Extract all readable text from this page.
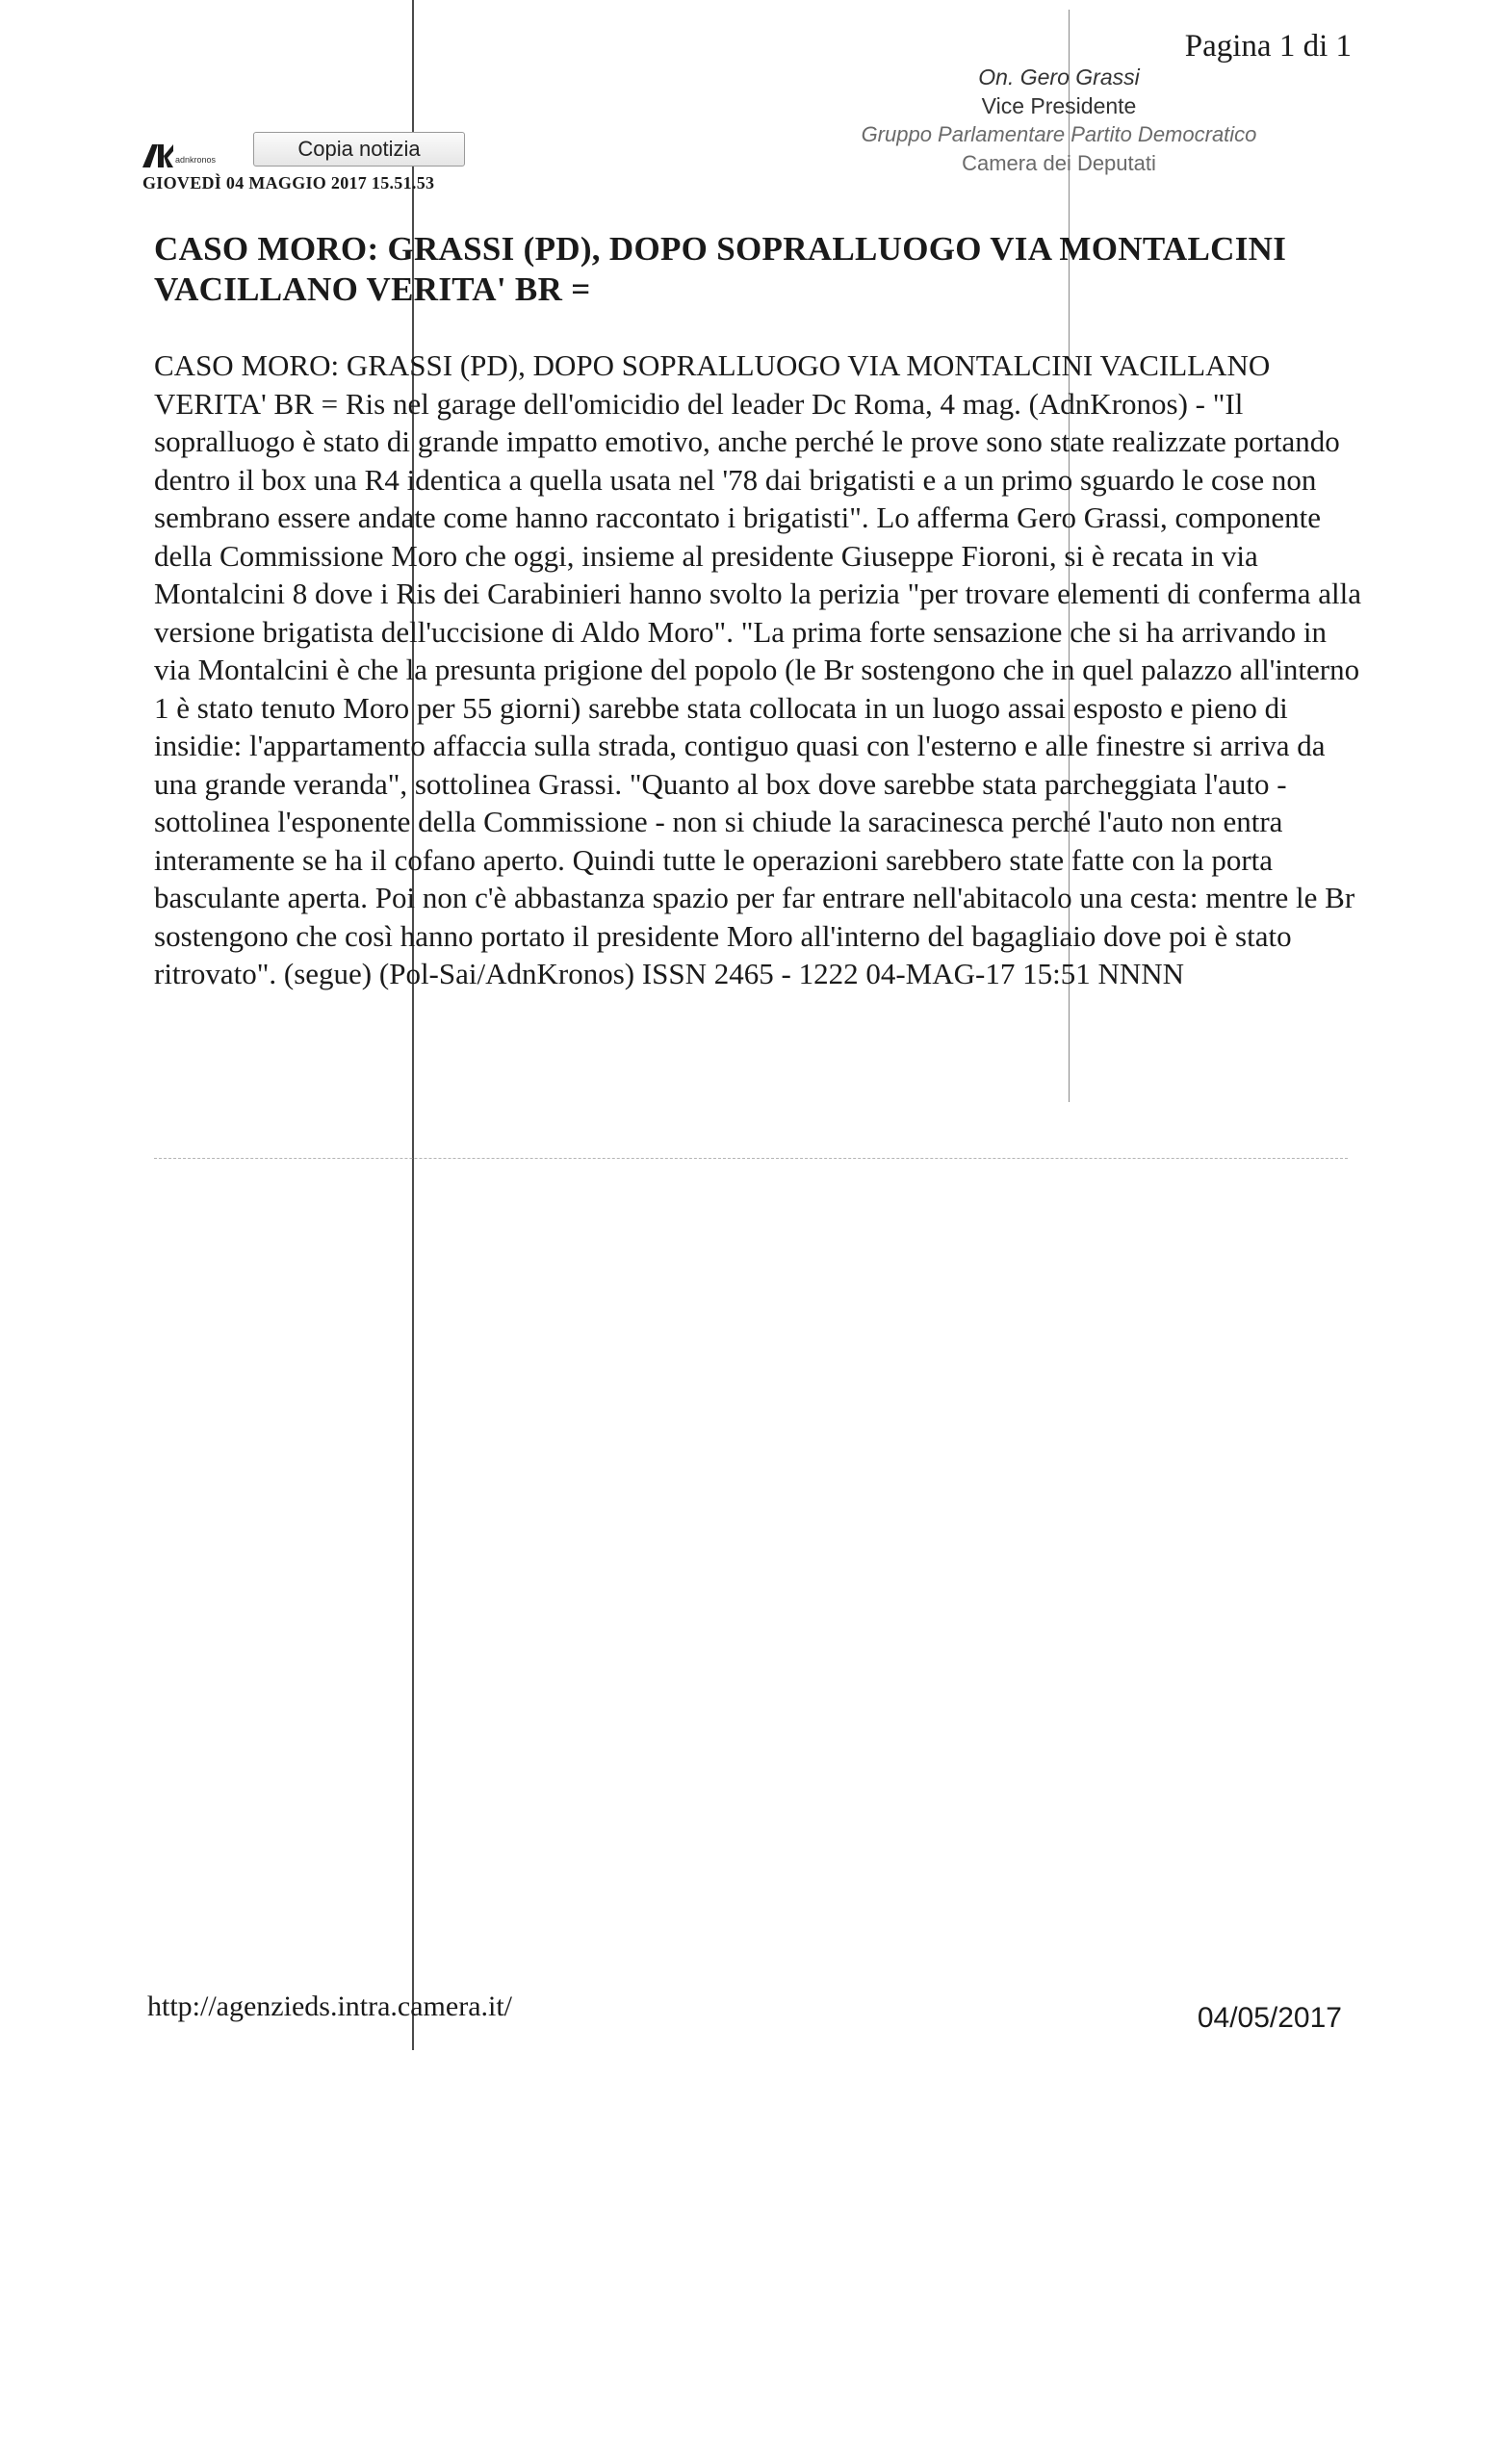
Pagina 1 di 1
On. Gero Grassi
Vice Presidente
Gruppo Parlamentare Partito Democratico
Camera dei Deputati
adnkronos	Copia notizia
GIOVEDÌ 04 MAGGIO 2017 15.51.53
CASO MORO: GRASSI (PD), DOPO SOPRALLUOGO VIA MONTALCINI VACILLANO VERITA' BR =

CASO MORO: GRASSI (PD), DOPO SOPRALLUOGO VIA MONTALCINI VACILLANO VERITA' BR = Ris nel garage dell'omicidio del leader Dc Roma, 4 mag. (AdnKronos) - "Il sopralluogo è stato di grande impatto emotivo, anche perché le prove sono state realizzate portando dentro il box una R4 identica a quella usata nel '78 dai brigatisti e a un primo sguardo le cose non sembrano essere andate come hanno raccontato i brigatisti". Lo afferma Gero Grassi, componente della Commissione Moro che oggi, insieme al presidente Giuseppe Fioroni, si è recata in via Montalcini 8 dove i Ris dei Carabinieri hanno svolto la perizia "per trovare elementi di conferma alla versione brigatista dell'uccisione di Aldo Moro". "La prima forte sensazione che si ha arrivando in via Montalcini è che la presunta prigione del popolo (le Br sostengono che in quel palazzo all'interno 1 è stato tenuto Moro per 55 giorni) sarebbe stata collocata in un luogo assai esposto e pieno di insidie: l'appartamento affaccia sulla strada, contiguo quasi con l'esterno e alle finestre si arriva da una grande veranda", sottolinea Grassi. "Quanto al box dove sarebbe stata parcheggiata l'auto - sottolinea l'esponente della Commissione - non si chiude la saracinesca perché l'auto non entra interamente se ha il cofano aperto. Quindi tutte le operazioni sarebbero state fatte con la porta basculante aperta. Poi non c'è abbastanza spazio per far entrare nell'abitacolo una cesta: mentre le Br sostengono che così hanno portato il presidente Moro all'interno del bagagliaio dove poi è stato ritrovato". (segue) (Pol-Sai/AdnKronos) ISSN 2465 - 1222 04-MAG-17 15:51 NNNN

http://agenzieds.intra.camera.it/	04/05/2017
